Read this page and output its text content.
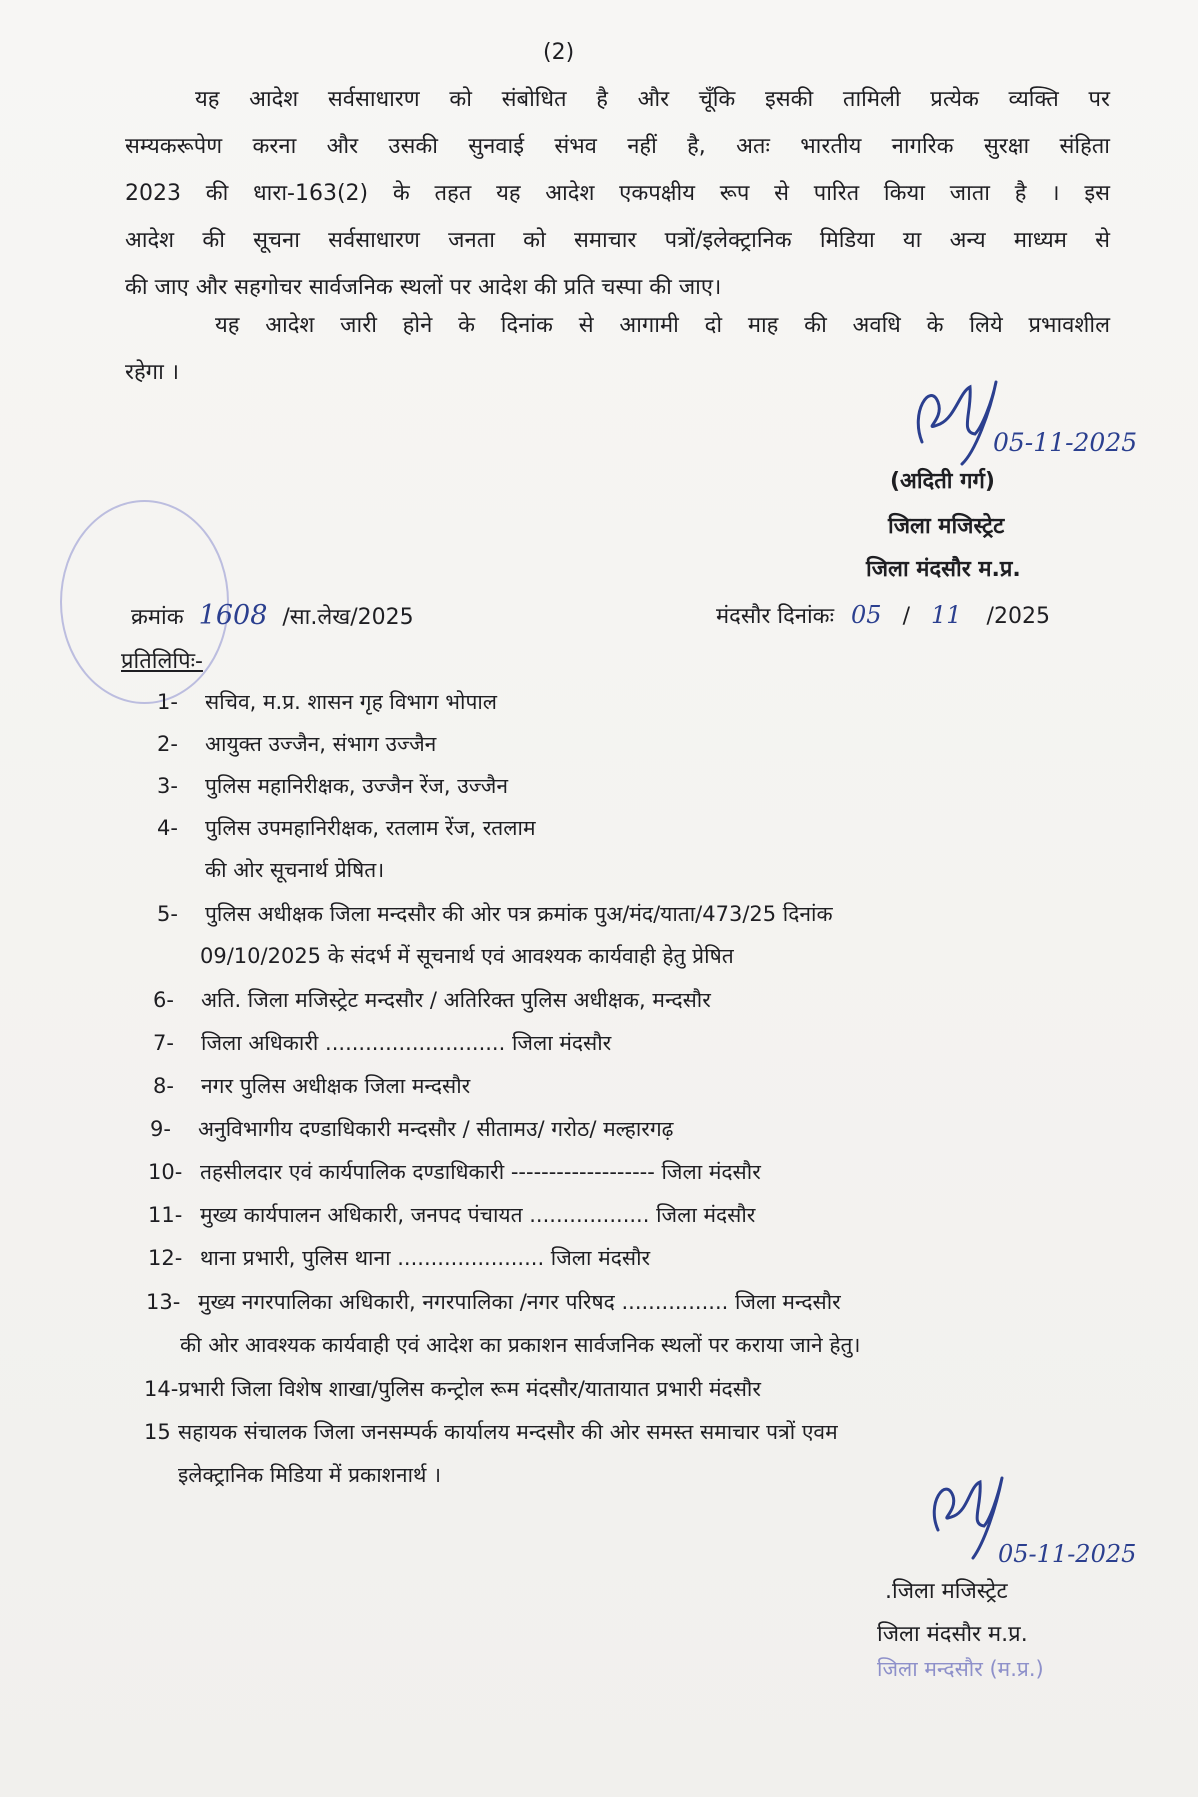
(2)
यह आदेश सर्वसाधारण को संबोधित है और चूँकि इसकी तामिली प्रत्येक व्यक्ति पर
सम्यकरूपेण करना और उसकी सुनवाई संभव नहीं है, अतः भारतीय नागरिक सुरक्षा संहिता
2023 की धारा-163(2) के तहत यह आदेश एकपक्षीय रूप से पारित किया जाता है । इस
आदेश की सूचना सर्वसाधारण जनता को समाचार पत्रों/इलेक्ट्रानिक मिडिया या अन्य माध्यम से
की जाए और सहगोचर सार्वजनिक स्थलों पर आदेश की प्रति चस्पा की जाए।
यह आदेश जारी होने के दिनांक से आगामी दो माह की अवधि के लिये प्रभावशील
रहेगा ।
05-11-2025
(अदिती गर्ग)
जिला मजिस्ट्रेट
जिला मंदसौर म.प्र.
क्रमांक 1608 /सा.लेख/2025	मंदसौर दिनांकः 05 / 11 /2025
प्रतिलिपिः-
1- सचिव, म.प्र. शासन गृह विभाग भोपाल
2- आयुक्त उज्जैन, संभाग उज्जैन
3- पुलिस महानिरीक्षक, उज्जैन रेंज, उज्जैन
4- पुलिस उपमहानिरीक्षक, रतलाम रेंज, रतलाम
की ओर सूचनार्थ प्रेषित।
5- पुलिस अधीक्षक जिला मन्दसौर की ओर पत्र क्रमांक पुअ/मंद/याता/473/25 दिनांक
09/10/2025 के संदर्भ में सूचनार्थ एवं आवश्यक कार्यवाही हेतु प्रेषित
6- अति. जिला मजिस्ट्रेट मन्दसौर / अतिरिक्त पुलिस अधीक्षक, मन्दसौर
7- जिला अधिकारी ........................... जिला मंदसौर
8- नगर पुलिस अधीक्षक जिला मन्दसौर
9- अनुविभागीय दण्डाधिकारी मन्दसौर / सीतामउ/ गरोठ/ मल्हारगढ़
10- तहसीलदार एवं कार्यपालिक दण्डाधिकारी ------------------- जिला मंदसौर
11- मुख्य कार्यपालन अधिकारी, जनपद पंचायत .................. जिला मंदसौर
12- थाना प्रभारी, पुलिस थाना ...................... जिला मंदसौर
13- मुख्य नगरपालिका अधिकारी, नगरपालिका /नगर परिषद ................ जिला मन्दसौर
की ओर आवश्यक कार्यवाही एवं आदेश का प्रकाशन सार्वजनिक स्थलों पर कराया जाने हेतु।
14-प्रभारी जिला विशेष शाखा/पुलिस कन्ट्रोल रूम मंदसौर/यातायात प्रभारी मंदसौर
15 सहायक संचालक जिला जनसम्पर्क कार्यालय मन्दसौर की ओर समस्त समाचार पत्रों एवम
इलेक्ट्रानिक मिडिया में प्रकाशनार्थ ।
05-11-2025
.जिला मजिस्ट्रेट
जिला मंदसौर म.प्र.
जिला मन्दसौर (म.प्र.)
